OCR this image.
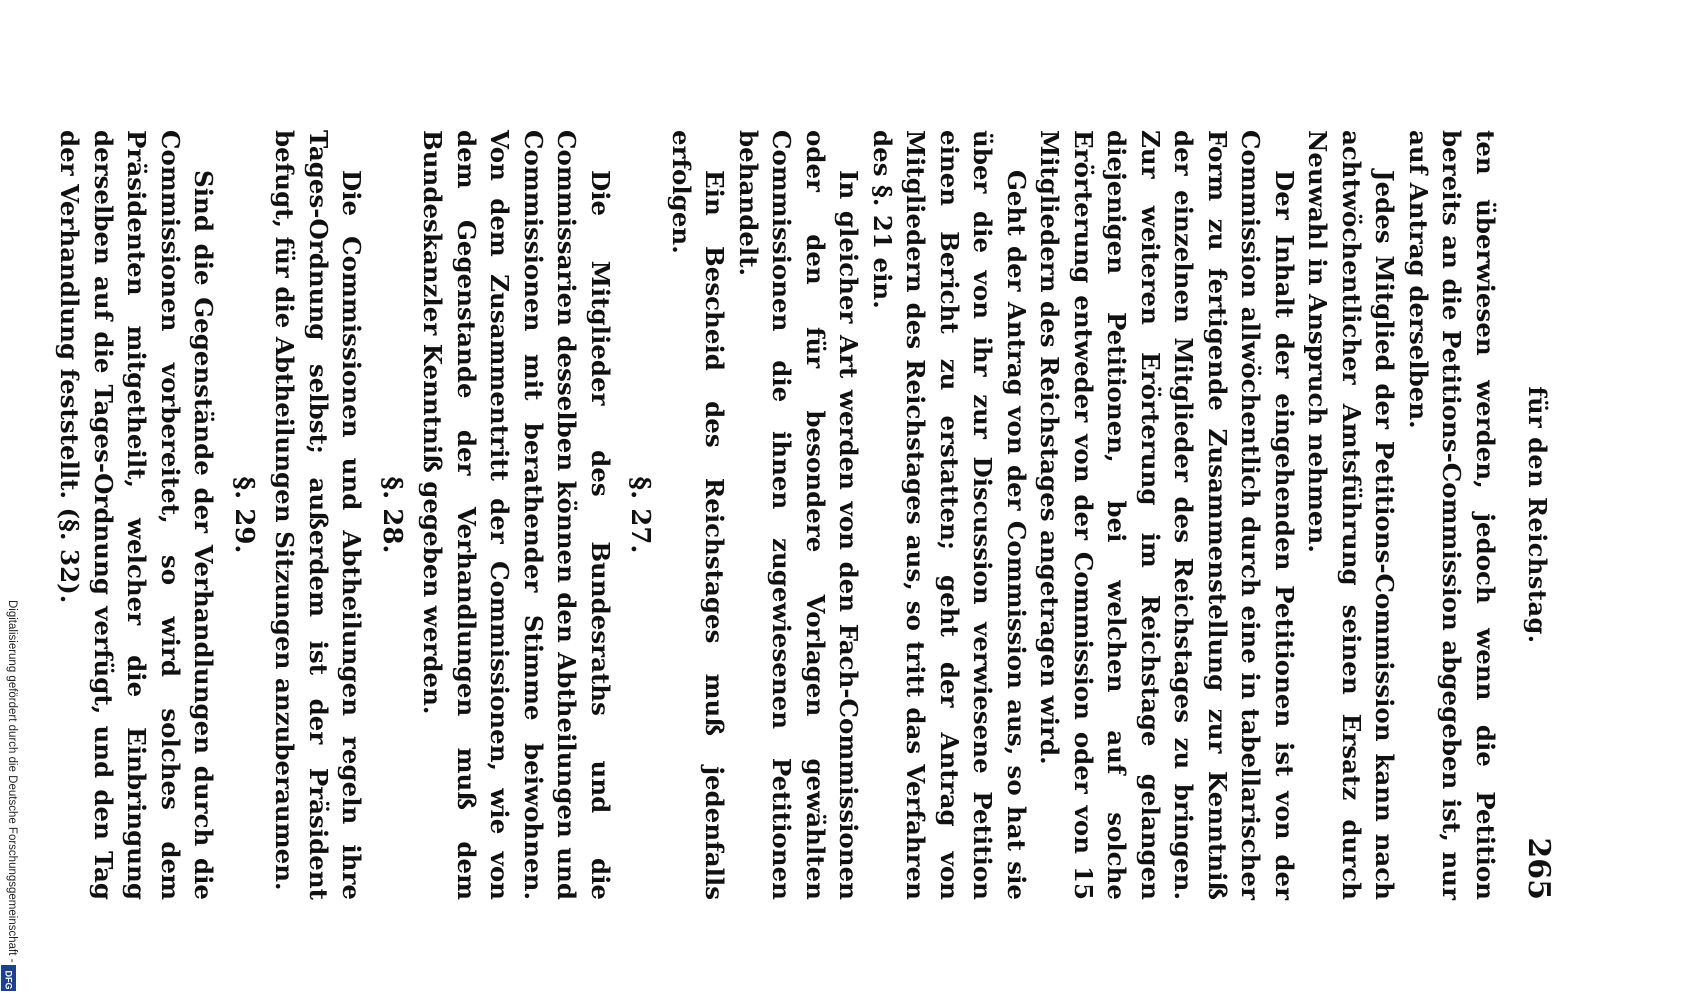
Digitalisierung gefördert durch die Deutsche Forschungsgemeinschaft -
DFG
für den Reichstag.
265

ten überwiesen werden, jedoch wenn die Petition bereits an die Petitions-Commission abgegeben ist, nur auf Antrag derselben.

Jedes Mitglied der Petitions-Commission kann nach achtwöchentlicher Amtsführung seinen Ersatz durch Neuwahl in Anspruch nehmen.

Der Inhalt der eingehenden Petitionen ist von der Commission allwöchentlich durch eine in tabellarischer Form zu fertigende Zusammenstellung zur Kenntniß der einzelnen Mitglieder des Reichstages zu bringen. Zur weiteren Erörterung im Reichstage gelangen diejenigen Petitionen, bei welchen auf solche Erörterung entweder von der Commission oder von 15 Mitgliedern des Reichstages angetragen wird.

Geht der Antrag von der Commission aus, so hat sie über die von ihr zur Discussion verwiesene Petition einen Bericht zu erstatten; geht der Antrag von Mitgliedern des Reichstages aus, so tritt das Verfahren des §. 21 ein.

In gleicher Art werden von den Fach-Commissionen oder den für besondere Vorlagen gewählten Commissionen die ihnen zugewiesenen Petitionen behandelt.

Ein Bescheid des Reichstages muß jedenfalls erfolgen.

§. 27.

Die Mitglieder des Bundesraths und die Commissarien desselben können den Abtheilungen und Commissionen mit berathender Stimme beiwohnen. Von dem Zusammentritt der Commissionen, wie von dem Gegenstande der Verhandlungen muß dem Bundeskanzler Kenntniß gegeben werden.

§. 28.

Die Commissionen und Abtheilungen regeln ihre Tages-Ordnung selbst; außerdem ist der Präsident befugt, für die Abtheilungen Sitzungen anzuberaumen.

§. 29.

Sind die Gegenstände der Verhandlungen durch die Commissionen vorbereitet, so wird solches dem Präsidenten mitgetheilt, welcher die Einbringung derselben auf die Tages-Ordnung verfügt, und den Tag der Verhandlung feststellt. (§. 32).
